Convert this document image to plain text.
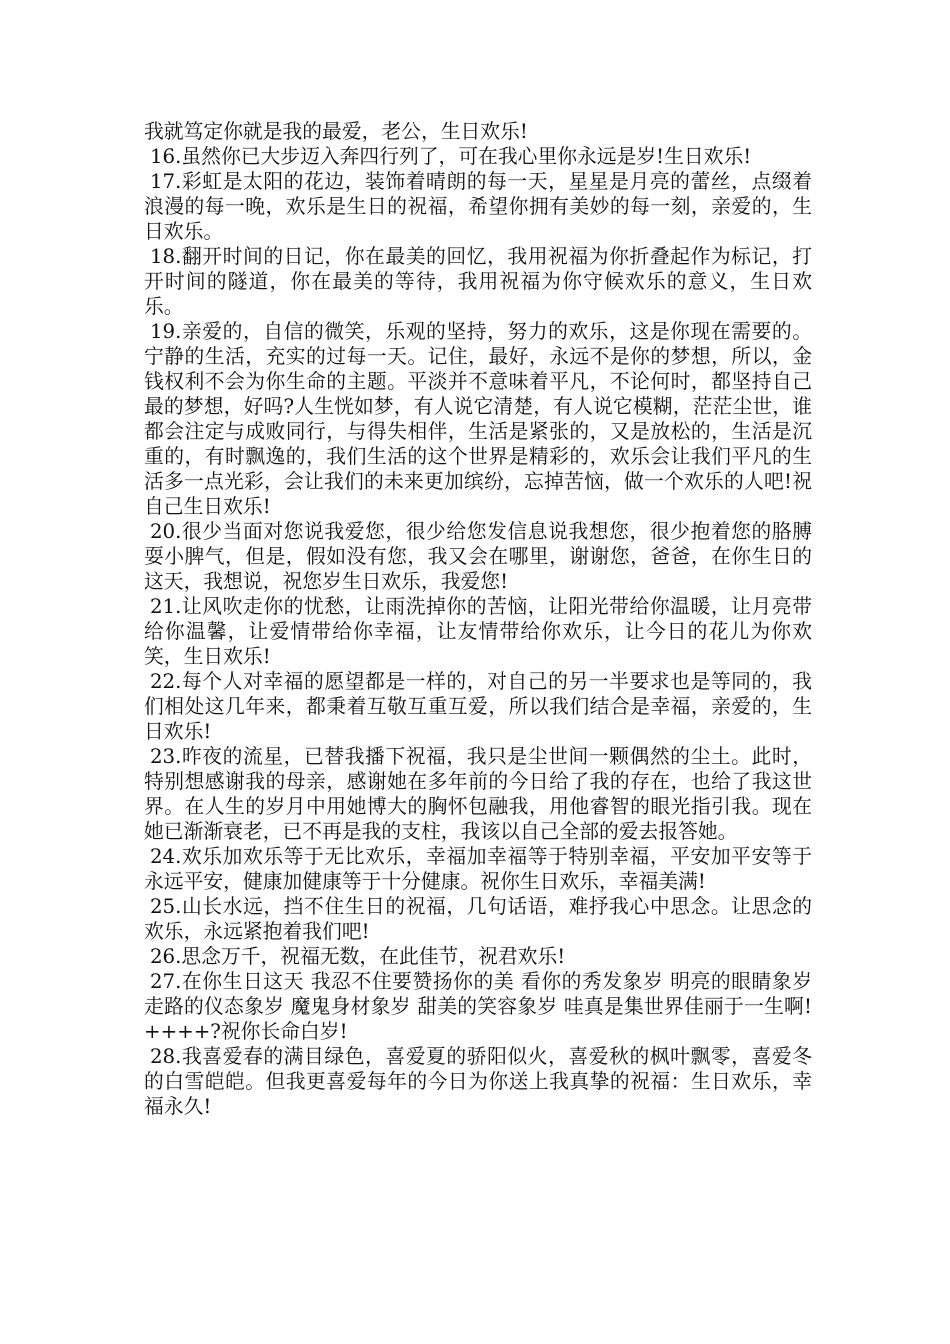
我就笃定你就是我的最爱，老公，生日欢乐!

16.虽然你已大步迈入奔四行列了，可在我心里你永远是岁!生日欢乐!

17.彩虹是太阳的花边，装饰着晴朗的每一天，星星是月亮的蕾丝，点缀着浪漫的每一晚，欢乐是生日的祝福，希望你拥有美妙的每一刻，亲爱的，生日欢乐。

18.翻开时间的日记，你在最美的回忆，我用祝福为你折叠起作为标记，打开时间的隧道，你在最美的等待，我用祝福为你守候欢乐的意义，生日欢乐。

19.亲爱的，自信的微笑，乐观的坚持，努力的欢乐，这是你现在需要的。宁静的生活，充实的过每一天。记住，最好，永远不是你的梦想，所以，金钱权利不会为你生命的主题。平淡并不意味着平凡，不论何时，都坚持自己最的梦想，好吗?人生恍如梦，有人说它清楚，有人说它模糊，茫茫尘世，谁都会注定与成败同行，与得失相伴，生活是紧张的，又是放松的，生活是沉重的，有时飘逸的，我们生活的这个世界是精彩的，欢乐会让我们平凡的生活多一点光彩，会让我们的未来更加缤纷，忘掉苦恼，做一个欢乐的人吧!祝自己生日欢乐!

20.很少当面对您说我爱您，很少给您发信息说我想您，很少抱着您的胳膊耍小脾气，但是，假如没有您，我又会在哪里，谢谢您，爸爸，在你生日的这天，我想说，祝您岁生日欢乐，我爱您!

21.让风吹走你的忧愁，让雨洗掉你的苦恼，让阳光带给你温暖，让月亮带给你温馨，让爱情带给你幸福，让友情带给你欢乐，让今日的花儿为你欢笑，生日欢乐!

22.每个人对幸福的愿望都是一样的，对自己的另一半要求也是等同的，我们相处这几年来，都秉着互敬互重互爱，所以我们结合是幸福，亲爱的，生日欢乐!

23.昨夜的流星，已替我播下祝福，我只是尘世间一颗偶然的尘土。此时，特别想感谢我的母亲，感谢她在多年前的今日给了我的存在，也给了我这世界。在人生的岁月中用她博大的胸怀包融我，用他睿智的眼光指引我。现在她已渐渐衰老，已不再是我的支柱，我该以自己全部的爱去报答她。

24.欢乐加欢乐等于无比欢乐，幸福加幸福等于特别幸福，平安加平安等于永远平安，健康加健康等于十分健康。祝你生日欢乐，幸福美满!

25.山长水远，挡不住生日的祝福，几句话语，难抒我心中思念。让思念的欢乐，永远紧抱着我们吧!

26.思念万千，祝福无数，在此佳节，祝君欢乐!

27.在你生日这天 我忍不住要赞扬你的美 看你的秀发象岁 明亮的眼睛象岁 走路的仪态象岁 魔鬼身材象岁 甜美的笑容象岁 哇真是集世界佳丽于一生啊! ++++?祝你长命白岁!

28.我喜爱春的满目绿色，喜爱夏的骄阳似火，喜爱秋的枫叶飘零，喜爱冬的白雪皑皑。但我更喜爱每年的今日为你送上我真挚的祝福：生日欢乐，幸福永久!
